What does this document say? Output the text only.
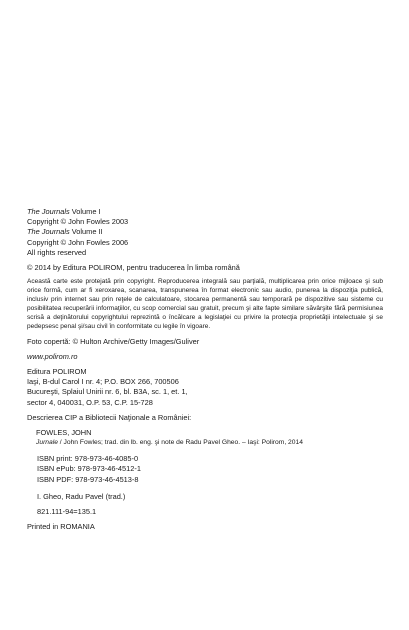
The Journals Volume I
Copyright © John Fowles 2003
The Journals Volume II
Copyright © John Fowles 2006
All rights reserved
© 2014 by Editura POLIROM, pentru traducerea în limba română
Această carte este protejată prin copyright. Reproducerea integrală sau parţială, multiplicarea prin orice mijloace şi sub orice formă, cum ar fi xeroxarea, scanarea, transpunerea în format electronic sau audio, punerea la dispoziţia publică, inclusiv prin internet sau prin reţele de calculatoare, stocarea permanentă sau temporară pe dispozitive sau sisteme cu posibilitatea recuperării informaţiilor, cu scop comercial sau gratuit, precum şi alte fapte similare săvârşite fără permisiunea scrisă a deţinătorului copyrightului reprezintă o încălcare a legislaţiei cu privire la protecţia proprietăţii intelectuale şi se pedepsesc penal şi/sau civil în conformitate cu legile în vigoare.
Foto copertă: © Hulton Archive/Getty Images/Guliver
www.polirom.ro
Editura POLIROM
Iaşi, B-dul Carol I nr. 4; P.O. BOX 266, 700506
Bucureşti, Splaiul Unirii nr. 6, bl. B3A, sc. 1, et. 1,
sector 4, 040031, O.P. 53, C.P. 15-728
Descrierea CIP a Bibliotecii Naţionale a României:
FOWLES, JOHN
Jurnale / John Fowles; trad. din lb. eng. şi note de Radu Pavel Gheo. – Iaşi: Polirom, 2014
ISBN print: 978-973-46-4085-0
ISBN ePub: 978-973-46-4512-1
ISBN PDF: 978-973-46-4513-8
I. Gheo, Radu Pavel (trad.)
821.111-94=135.1
Printed in ROMANIA
